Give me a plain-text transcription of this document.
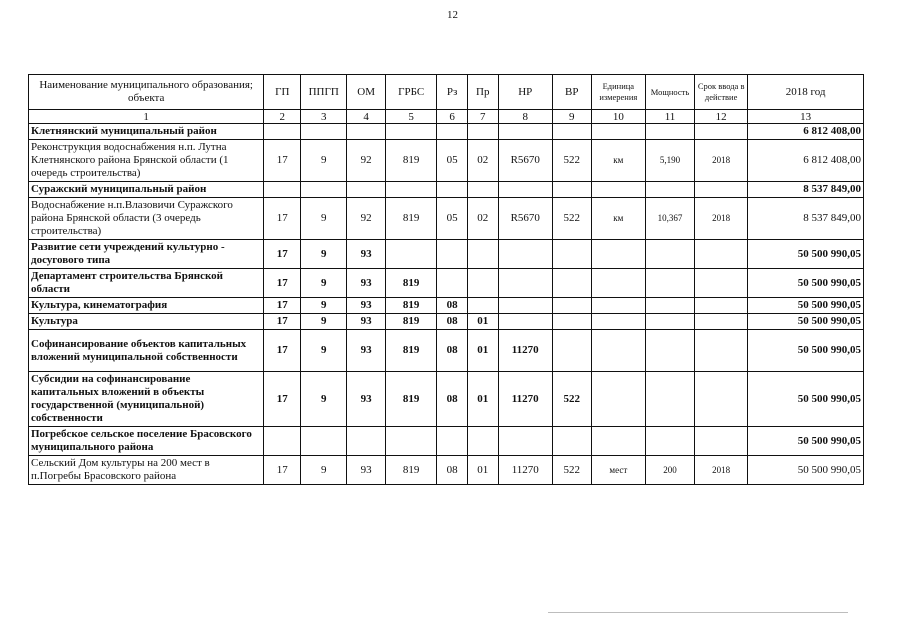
12
Наименование муниципального образования; объекта	ГП	ППГП	ОМ	ГРБС	Рз	Пр	НР	ВР	Единица измерения	Мощность	Срок ввода в действие	2018 год
1	2	3	4	5	6	7	8	9	10	11	12	13
Клетнянский муниципальный район												6 812 408,00
Реконструкция водоснабжения н.п. Лутна Клетнянского района Брянской области (1 очередь строительства)	17	9	92	819	05	02	R5670	522	км	5,190	2018	6 812 408,00
Суражский муниципальный район												8 537 849,00
Водоснабжение н.п.Влазовичи Суражского района Брянской области (3 очередь строительства)	17	9	92	819	05	02	R5670	522	км	10,367	2018	8 537 849,00
Развитие сети учреждений культурно - досугового типа	17	9	93									50 500 990,05
Департамент строительства Брянской области	17	9	93	819								50 500 990,05
Культура, кинематография	17	9	93	819	08							50 500 990,05
Культура	17	9	93	819	08	01						50 500 990,05
Софинансирование объектов капитальных вложений муниципальной собственности	17	9	93	819	08	01	11270					50 500 990,05
Субсидии на софинансирование капитальных вложений в объекты государственной (муниципальной) собственности	17	9	93	819	08	01	11270	522				50 500 990,05
Погребское сельское поселение Брасовского муниципального района												50 500 990,05
Сельский Дом культуры на 200 мест в п.Погребы Брасовского района	17	9	93	819	08	01	11270	522	мест	200	2018	50 500 990,05
